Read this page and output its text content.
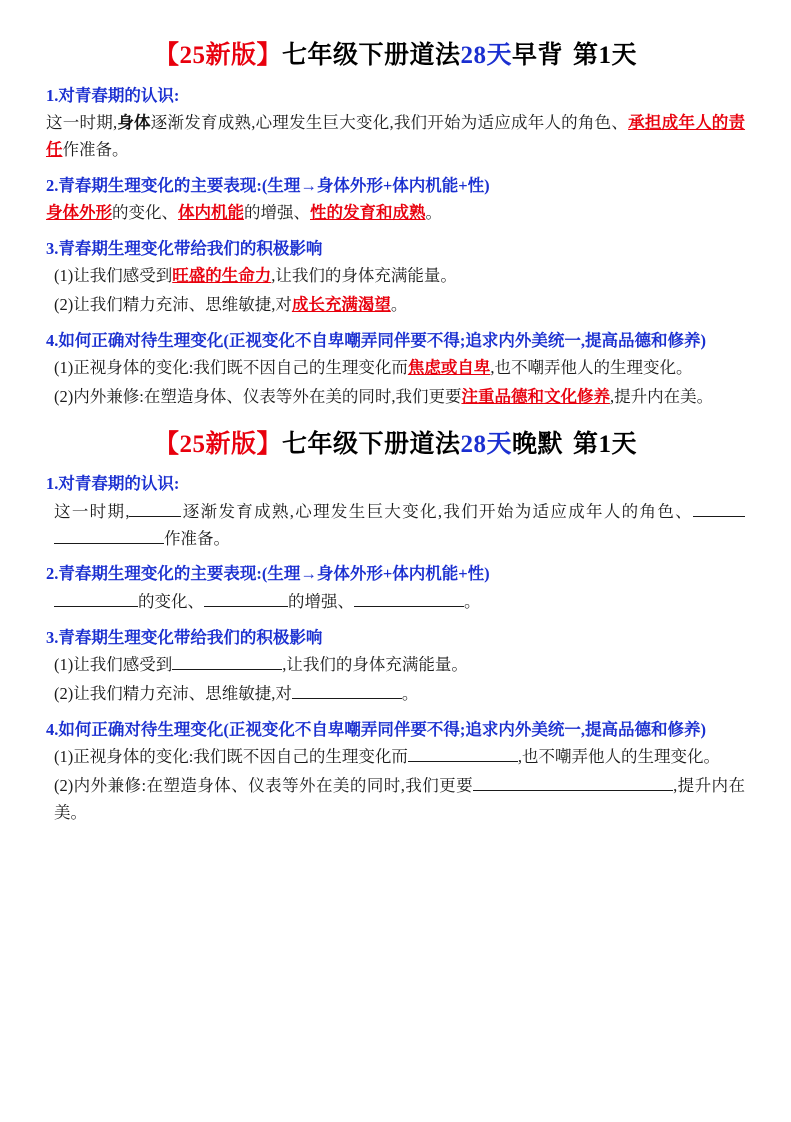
【25新版】七年级下册道法28天早背 第1天
1.对青春期的认识:
这一时期,身体逐渐发育成熟,心理发生巨大变化,我们开始为适应成年人的角色、承担成年人的责任作准备。
2.青春期生理变化的主要表现:(生理→身体外形+体内机能+性)
身体外形的变化、体内机能的增强、性的发育和成熟。
3.青春期生理变化带给我们的积极影响
(1)让我们感受到旺盛的生命力,让我们的身体充满能量。
(2)让我们精力充沛、思维敏捷,对成长充满渴望。
4.如何正确对待生理变化(正视变化不自卑嘲弄同伴要不得;追求内外美统一,提高品德和修养)
(1)正视身体的变化:我们既不因自己的生理变化而焦虑或自卑,也不嘲弄他人的生理变化。
(2)内外兼修:在塑造身体、仪表等外在美的同时,我们更要注重品德和文化修养,提升内在美。
【25新版】七年级下册道法28天晚默 第1天
1.对青春期的认识:
这一时期,	逐渐发育成熟,心理发生巨大变化,我们开始为适应成年人的角色、作准备。
2.青春期生理变化的主要表现:(生理→身体外形+体内机能+性)
的变化、	的增强、	。
3.青春期生理变化带给我们的积极影响
(1)让我们感受到	,让我们的身体充满能量。
(2)让我们精力充沛、思维敏捷,对	。
4.如何正确对待生理变化(正视变化不自卑嘲弄同伴要不得;追求内外美统一,提高品德和修养)
(1)正视身体的变化:我们既不因自己的生理变化而	,也不嘲弄他人的生理变化。
(2)内外兼修:在塑造身体、仪表等外在美的同时,我们更要	,提升内在美。
